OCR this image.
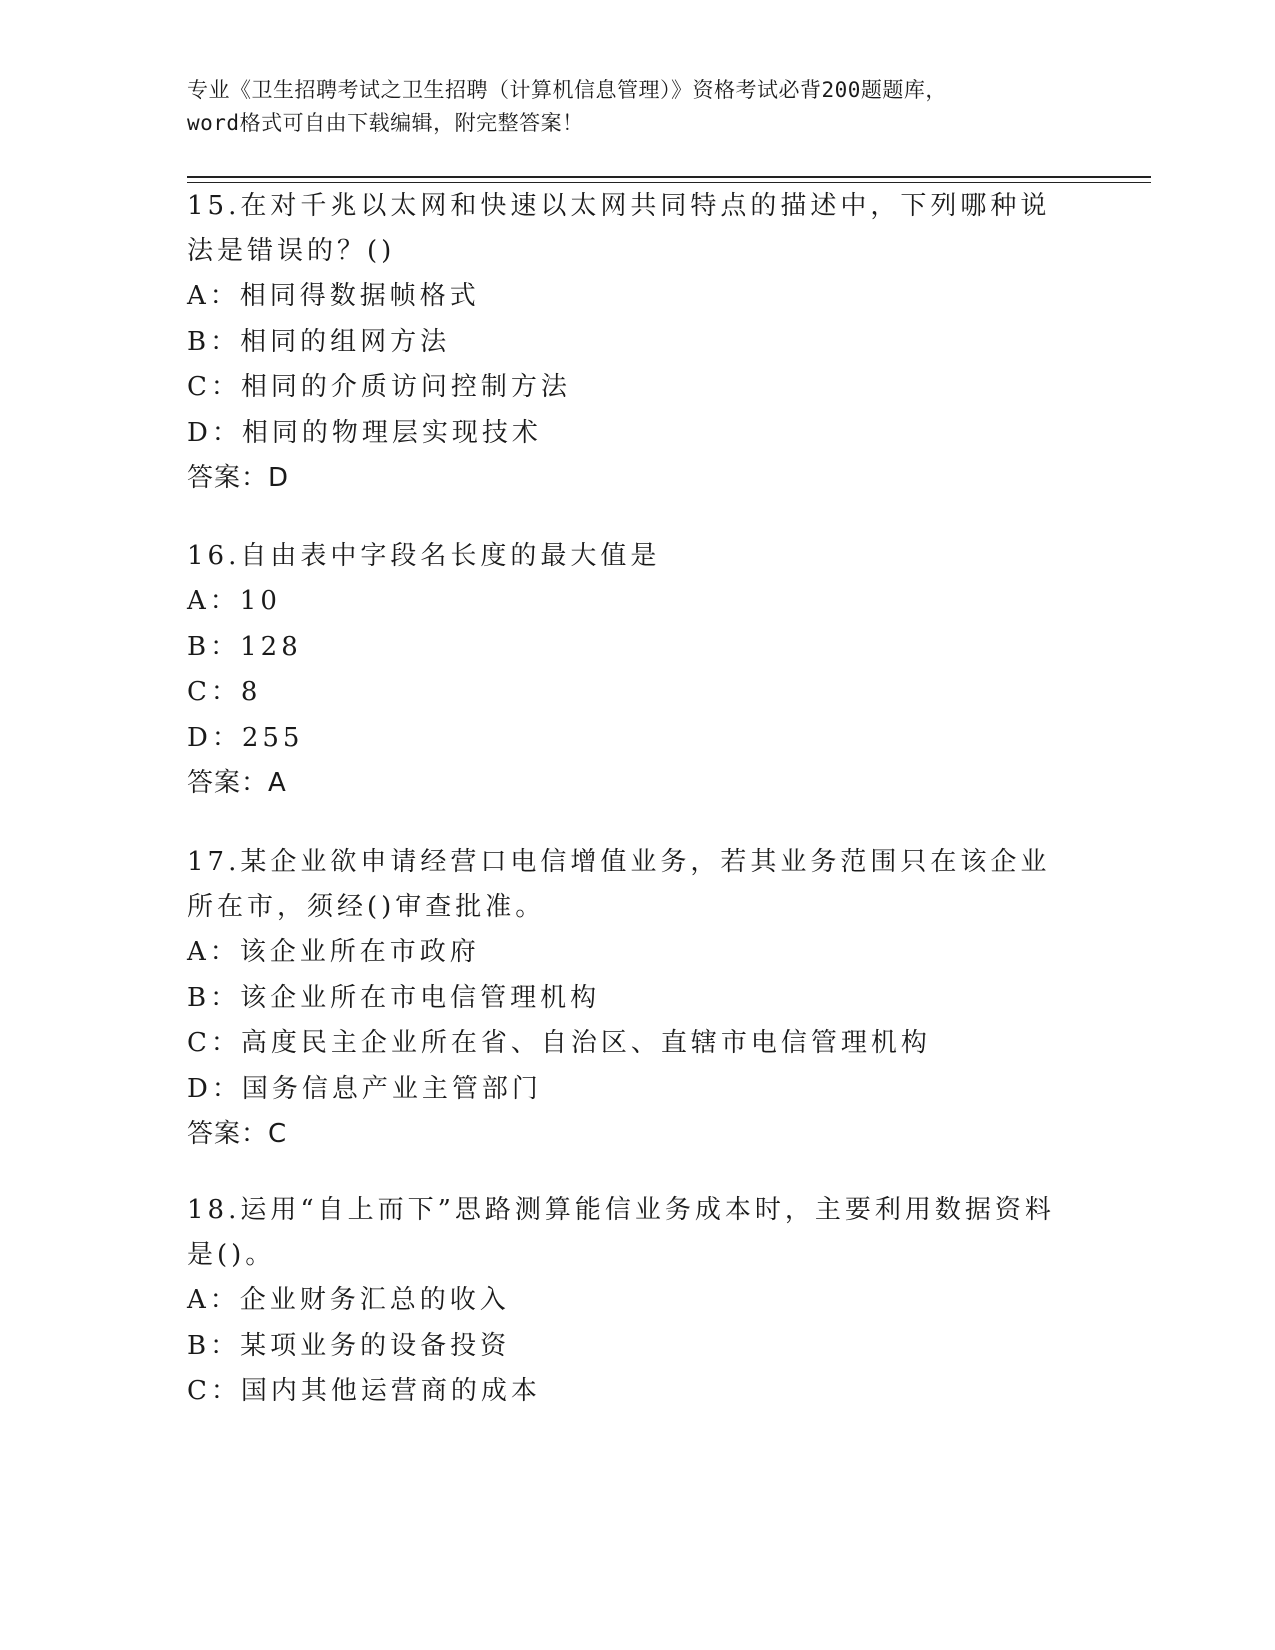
专业《卫生招聘考试之卫生招聘（计算机信息管理）》资格考试必背200题题库，

word格式可自由下载编辑，附完整答案！

15.在对千兆以太网和快速以太网共同特点的描述中，下列哪种说法是错误的？()

A：相同得数据帧格式

B：相同的组网方法

C：相同的介质访问控制方法

D：相同的物理层实现技术

答案：D

16.自由表中字段名长度的最大值是

A：10

B：128

C：8

D：255

答案：A

17.某企业欲申请经营口电信增值业务，若其业务范围只在该企业所在市，须经()审查批准。

A：该企业所在市政府

B：该企业所在市电信管理机构

C：高度民主企业所在省、自治区、直辖市电信管理机构

D：国务信息产业主管部门

答案：C

18.运用“自上而下”思路测算能信业务成本时，主要利用数据资料是()。

A：企业财务汇总的收入

B：某项业务的设备投资

C：国内其他运营商的成本
